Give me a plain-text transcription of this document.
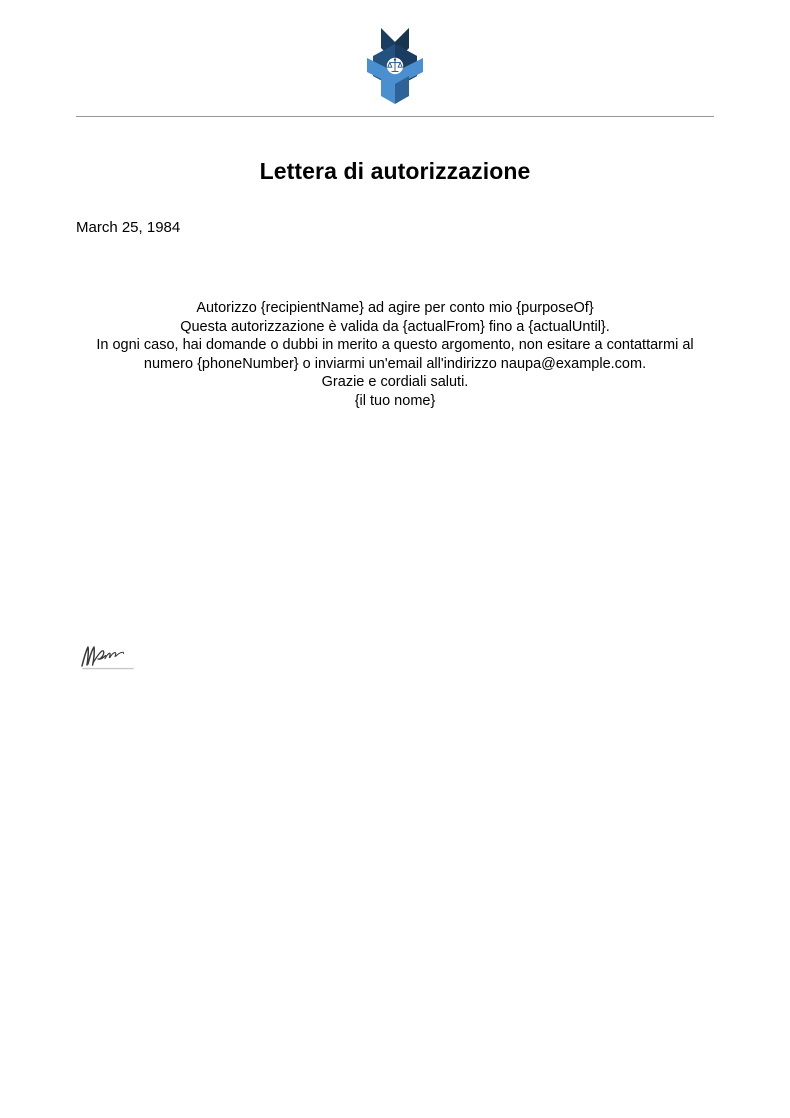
Lettera di autorizzazione
March 25, 1984
Autorizzo {recipientName} ad agire per conto mio {purposeOf}
Questa autorizzazione è valida da {actualFrom} fino a {actualUntil}.
In ogni caso, hai domande o dubbi in merito a questo argomento, non esitare a contattarmi al numero {phoneNumber} o inviarmi un'email all'indirizzo naupa@example.com.
Grazie e cordiali saluti.
{il tuo nome}
